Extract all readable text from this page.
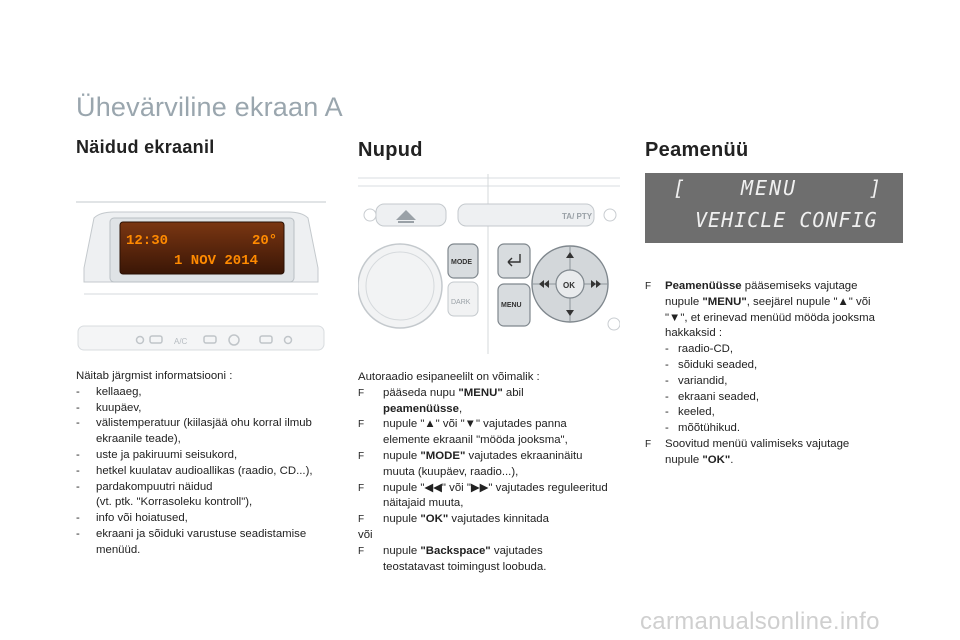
Ühevärviline ekraan A
Näidud ekraanil	Nupud	Peamenüü
12:30	20°
1 NOV 2014
A/C
TA/ PTY
MODE
DARK	MENU
OK
[	MENU	]
VEHICLE CONFIG

Näitab järgmist informatsiooni :

-	kellaaeg,
-	kuupäev,
-	välistemperatuur (kiilasjää ohu korral ilmub
ekraanile teade),
-	uste ja pakiruumi seisukord,
-	hetkel kuulatav audioallikas (raadio, CD...),
-	pardakompuutri näidud
(vt. ptk. "Korrasoleku kontroll"),
-	info või hoiatused,
-	ekraani ja sõiduki varustuse seadistamise
menüüd.

Autoraadio esipaneelilt on võimalik :

F	pääseda nupu "MENU" abil
peamenüüsse,
F	nupule "▲" või "▼" vajutades panna
elemente ekraanil "mööda jooksma",
F	nupule "MODE" vajutades ekraaninäitu
muuta (kuupäev, raadio...),
F	nupule "◀◀" või "▶▶" vajutades reguleeritud
näitajaid muuta,
F	nupule "OK" vajutades kinnitada

või

F	nupule "Backspace" vajutades
teostatavast toimingust loobuda.
F	Peamenüüsse pääsemiseks vajutage
nupule "MENU", seejärel nupule "▲" või
"▼", et erinevad menüüd mööda jooksma
hakkaksid :
- raadio-CD,
- sõiduki seaded,
- variandid,
- ekraani seaded,
- keeled,
- mõõtühikud.
F	Soovitud menüü valimiseks vajutage
nupule "OK".
carmanualsonline.info
